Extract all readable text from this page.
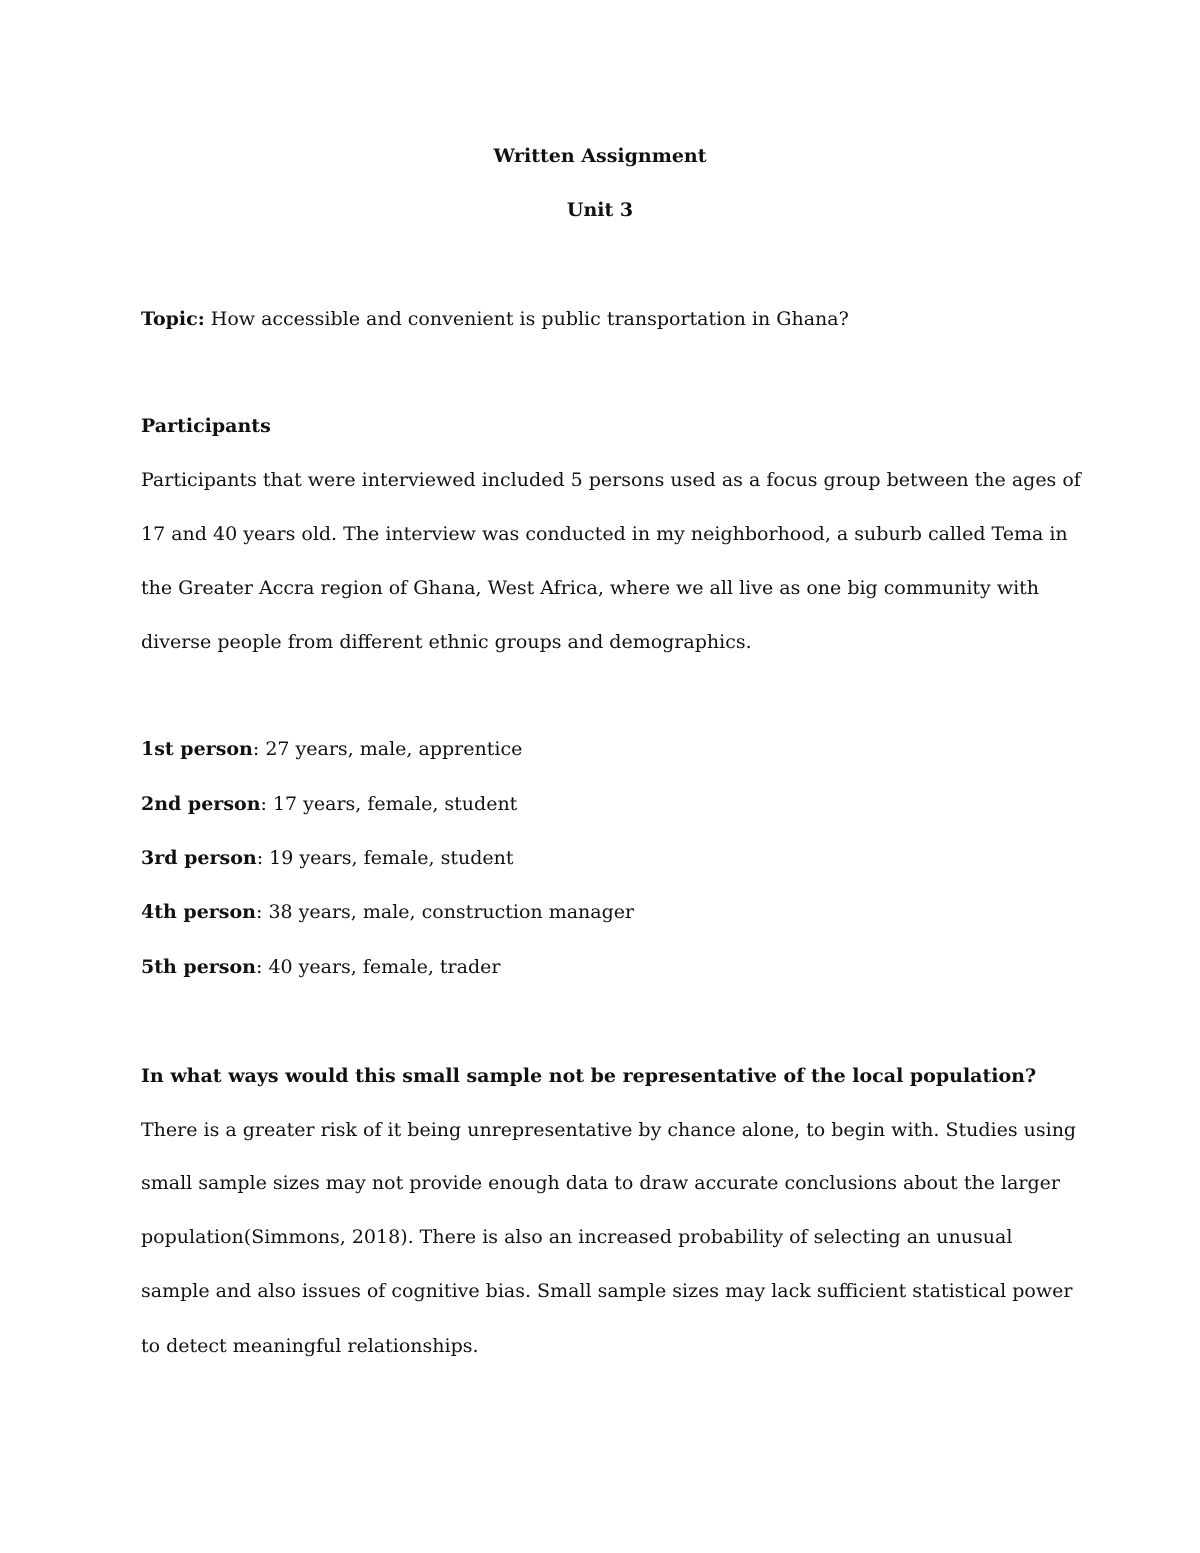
Written Assignment
Unit 3
Topic: How accessible and convenient is public transportation in Ghana?
Participants
Participants that were interviewed included 5 persons used as a focus group between the ages of
17 and 40 years old. The interview was conducted in my neighborhood, a suburb called Tema in
the Greater Accra region of Ghana, West Africa, where we all live as one big community with
diverse people from different ethnic groups and demographics.
1st person: 27 years, male, apprentice
2nd person: 17 years, female, student
3rd person: 19 years, female, student
4th person: 38 years, male, construction manager
5th person: 40 years, female, trader
In what ways would this small sample not be representative of the local population?
There is a greater risk of it being unrepresentative by chance alone, to begin with. Studies using
small sample sizes may not provide enough data to draw accurate conclusions about the larger
population(Simmons, 2018). There is also an increased probability of selecting an unusual
sample and also issues of cognitive bias. Small sample sizes may lack sufficient statistical power
to detect meaningful relationships.
